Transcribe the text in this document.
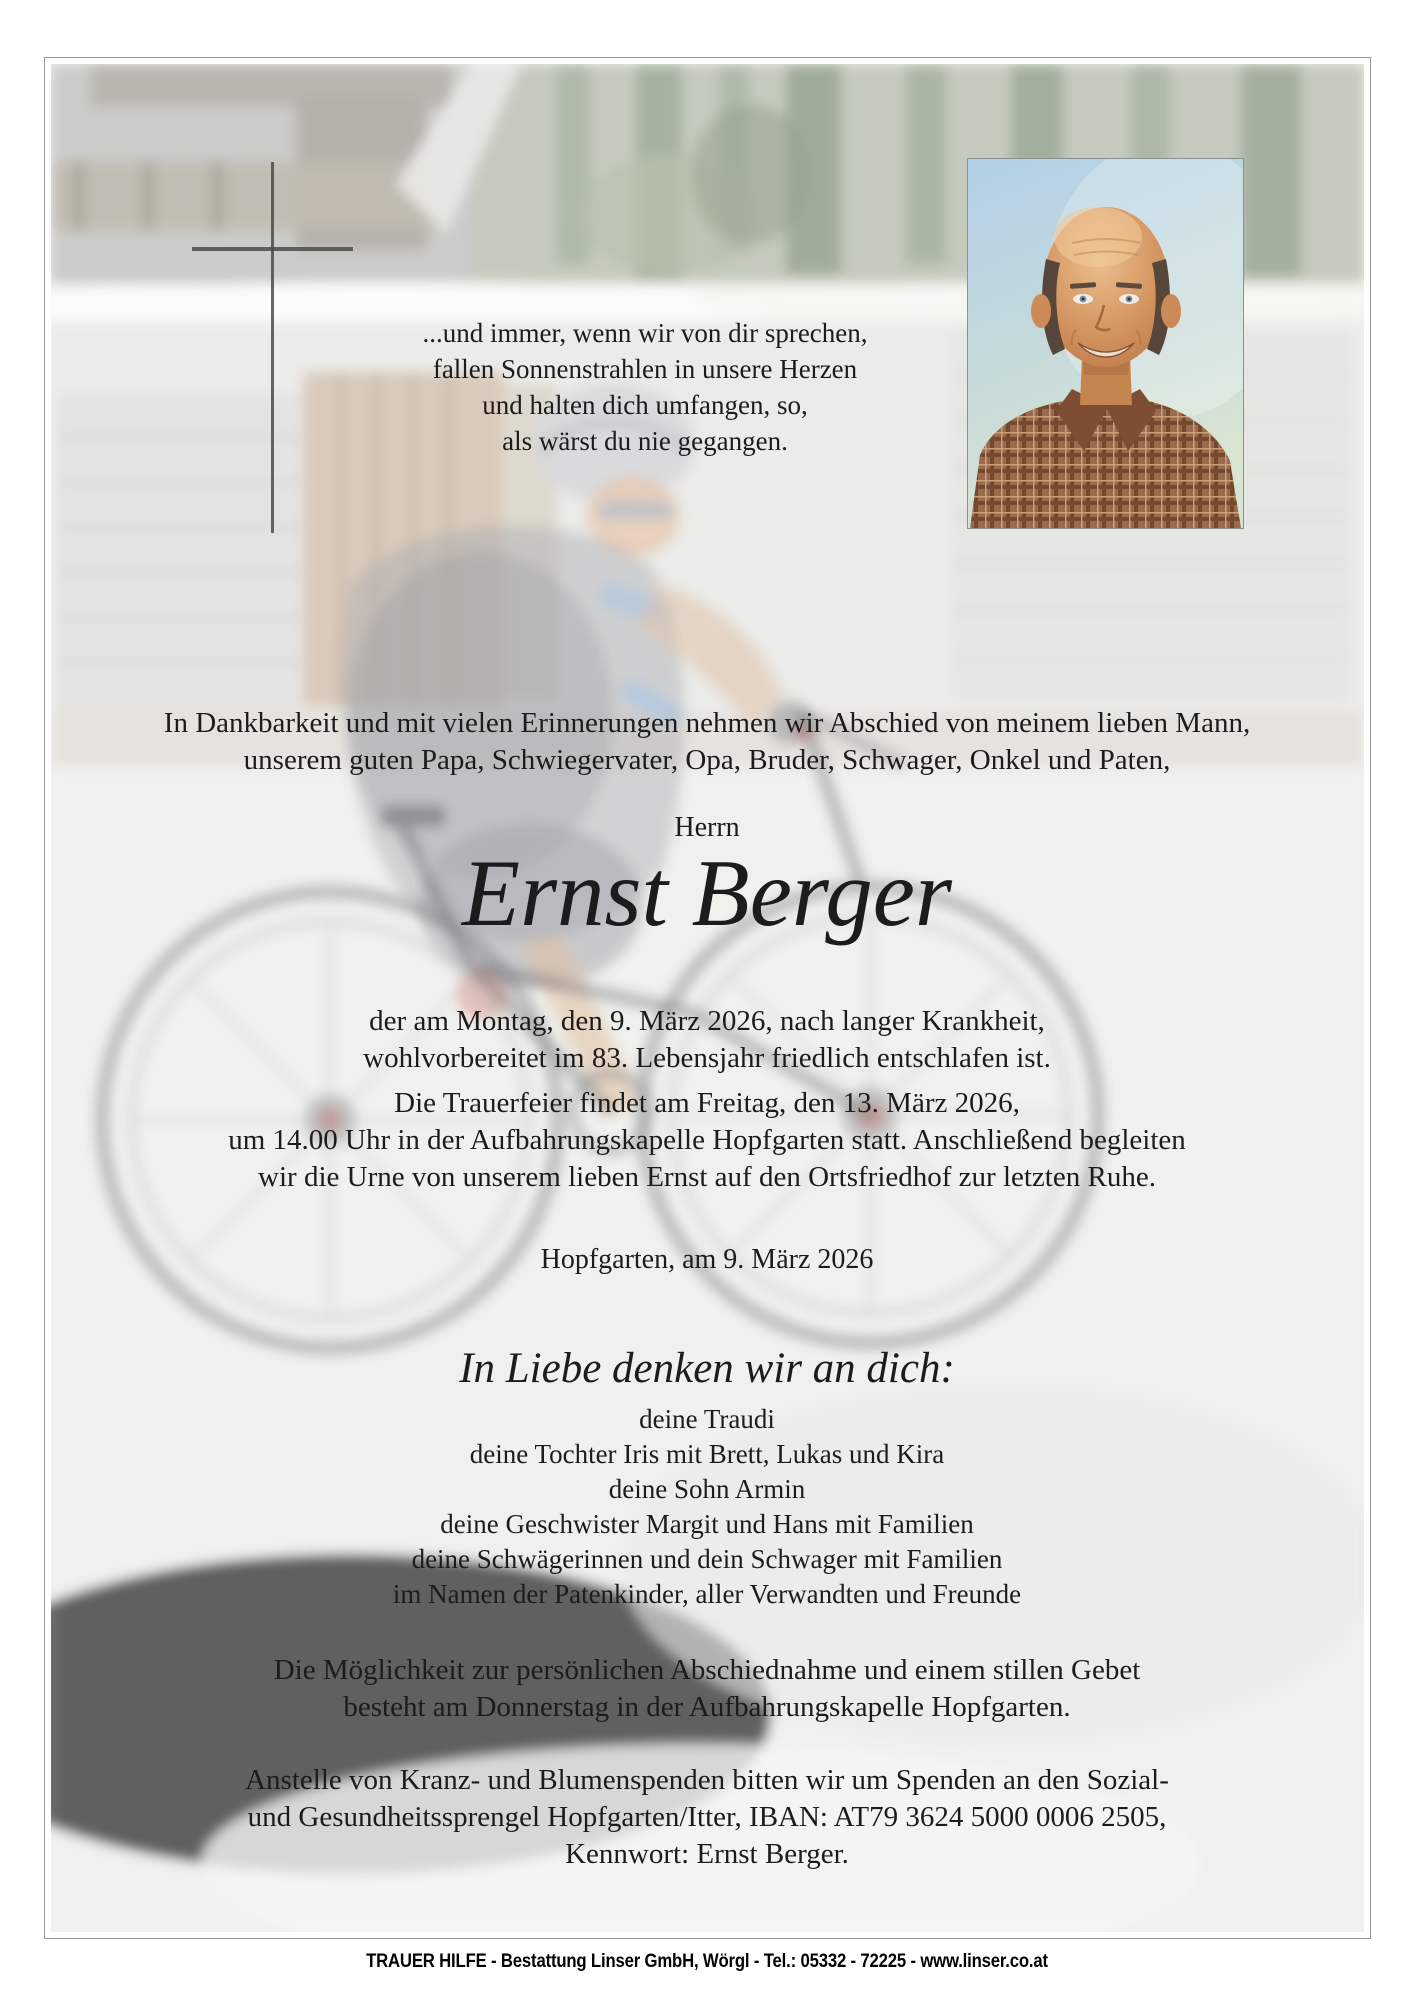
...und immer, wenn wir von dir sprechen,
fallen Sonnenstrahlen in unsere Herzen
und halten dich umfangen, so,
als wärst du nie gegangen.
In Dankbarkeit und mit vielen Erinnerungen nehmen wir Abschied von meinem lieben Mann,
unserem guten Papa, Schwiegervater, Opa, Bruder, Schwager, Onkel und Paten,
Herrn
Ernst Berger
der am Montag, den 9. März 2026, nach langer Krankheit,
wohlvorbereitet im 83. Lebensjahr friedlich entschlafen ist.
Die Trauerfeier findet am Freitag, den 13. März 2026,
um 14.00 Uhr in der Aufbahrungskapelle Hopfgarten statt. Anschließend begleiten
wir die Urne von unserem lieben Ernst auf den Ortsfriedhof zur letzten Ruhe.
Hopfgarten, am 9. März 2026
In Liebe denken wir an dich:
deine Traudi
deine Tochter Iris mit Brett, Lukas und Kira
deine Sohn Armin
deine Geschwister Margit und Hans mit Familien
deine Schwägerinnen und dein Schwager mit Familien
im Namen der Patenkinder, aller Verwandten und Freunde
Die Möglichkeit zur persönlichen Abschiednahme und einem stillen Gebet
besteht am Donnerstag in der Aufbahrungskapelle Hopfgarten.
Anstelle von Kranz- und Blumenspenden bitten wir um Spenden an den Sozial-
und Gesundheitssprengel Hopfgarten/Itter, IBAN: AT79 3624 5000 0006 2505,
Kennwort: Ernst Berger.
TRAUER HILFE - Bestattung Linser GmbH, Wörgl - Tel.: 05332 - 72225 - www.linser.co.at
